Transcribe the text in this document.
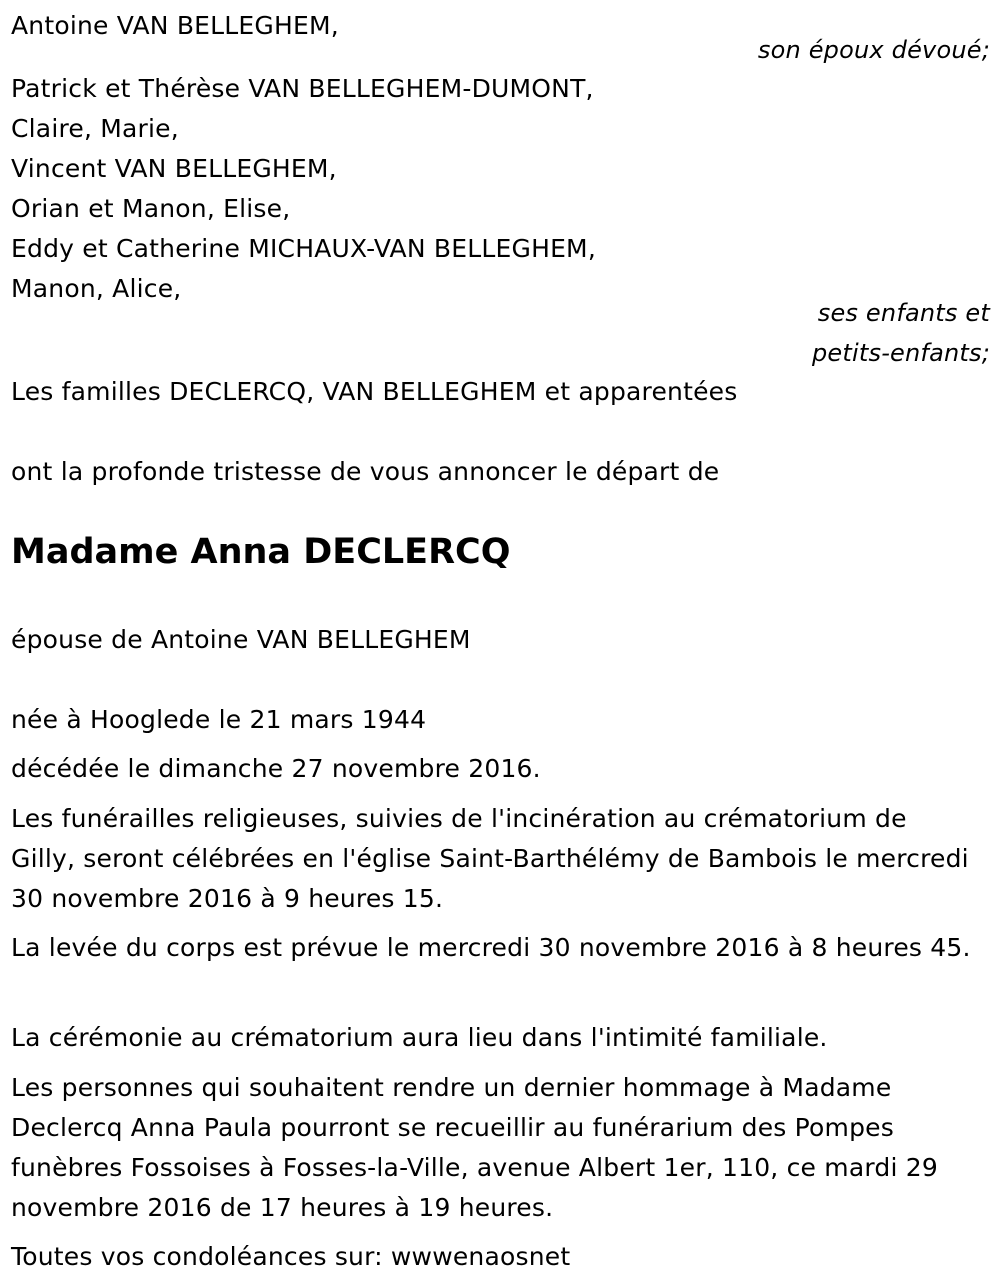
Antoine VAN BELLEGHEM,
son époux dévoué;
Patrick et Thérèse VAN BELLEGHEM-DUMONT,
Claire, Marie,
Vincent VAN BELLEGHEM,
Orian et Manon, Elise,
Eddy et Catherine MICHAUX-VAN BELLEGHEM,
Manon, Alice,
ses enfants et
petits-enfants;
Les familles DECLERCQ, VAN BELLEGHEM et apparentées
ont la profonde tristesse de vous annoncer le départ de
Madame Anna DECLERCQ
épouse de Antoine VAN BELLEGHEM
née à Hooglede le 21 mars 1944
décédée le dimanche 27 novembre 2016.
Les funérailles religieuses, suivies de l'incinération au crématorium de Gilly, seront célébrées en l'église Saint-Barthélémy de Bambois le mercredi 30 novembre 2016 à 9 heures 15.
La levée du corps est prévue le mercredi 30 novembre 2016 à 8 heures 45.
La cérémonie au crématorium aura lieu dans l'intimité familiale.
Les personnes qui souhaitent rendre un dernier hommage à Madame Declercq Anna Paula pourront se recueillir au funérarium des Pompes funèbres Fossoises à Fosses-la-Ville, avenue Albert 1er, 110, ce mardi 29 novembre 2016 de 17 heures à 19 heures.
Toutes vos condoléances sur: wwwenaosnet
